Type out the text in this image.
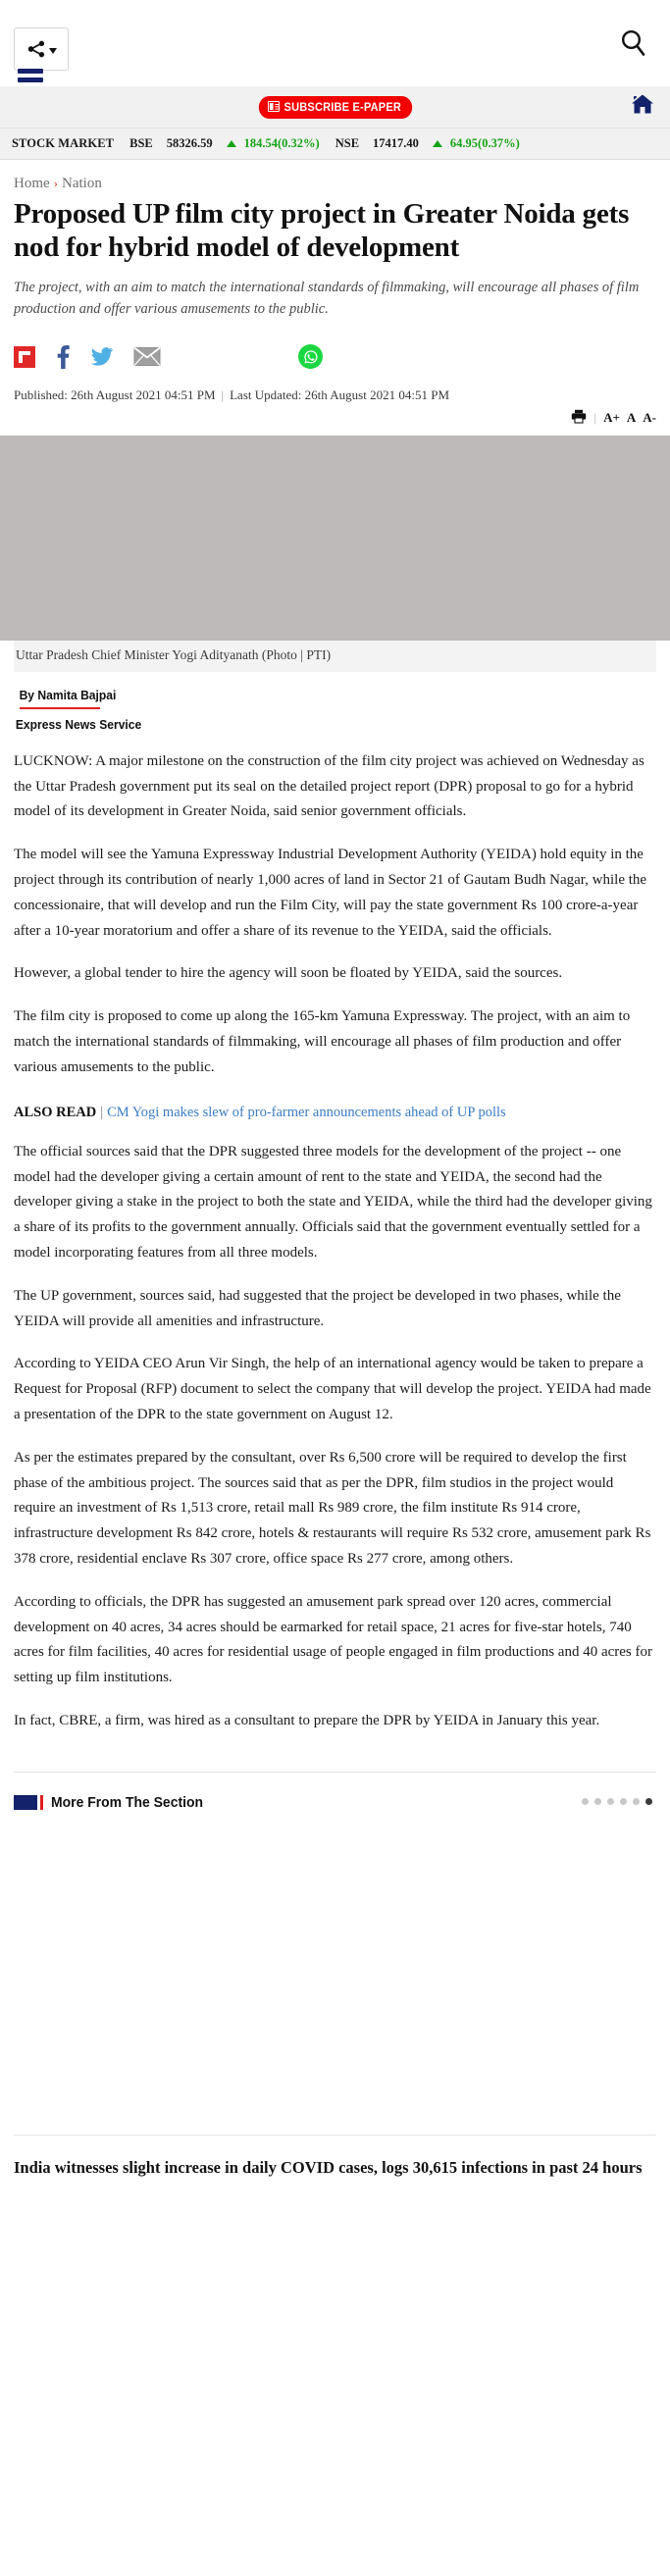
SUBSCRIBE E-PAPER
STOCK MARKET BSE 58326.59	184.54(0.32%) NSE 17417.40	64.95(0.37%)
Home › Nation
Proposed UP film city project in Greater Noida gets nod for hybrid model of development
The project, with an aim to match the international standards of filmmaking, will encourage all phases of film production and offer various amusements to the public.
Published: 26th August 2021 04:51 PM | Last Updated: 26th August 2021 04:51 PM
| A+ A A-
Uttar Pradesh Chief Minister Yogi Adityanath (Photo | PTI)
By Namita Bajpai
Express News Service

LUCKNOW: A major milestone on the construction of the film city project was achieved on Wednesday as the Uttar Pradesh government put its seal on the detailed project report (DPR) proposal to go for a hybrid model of its development in Greater Noida, said senior government officials.

The model will see the Yamuna Expressway Industrial Development Authority (YEIDA) hold equity in the project through its contribution of nearly 1,000 acres of land in Sector 21 of Gautam Budh Nagar, while the concessionaire, that will develop and run the Film City, will pay the state government Rs 100 crore-a-year after a 10-year moratorium and offer a share of its revenue to the YEIDA, said the officials.

However, a global tender to hire the agency will soon be floated by YEIDA, said the sources.

The film city is proposed to come up along the 165-km Yamuna Expressway. The project, with an aim to match the international standards of filmmaking, will encourage all phases of film production and offer various amusements to the public.

ALSO READ | CM Yogi makes slew of pro-farmer announcements ahead of UP polls

The official sources said that the DPR suggested three models for the development of the project -- one model had the developer giving a certain amount of rent to the state and YEIDA, the second had the developer giving a stake in the project to both the state and YEIDA, while the third had the developer giving a share of its profits to the government annually. Officials said that the government eventually settled for a model incorporating features from all three models.

The UP government, sources said, had suggested that the project be developed in two phases, while the YEIDA will provide all amenities and infrastructure.

According to YEIDA CEO Arun Vir Singh, the help of an international agency would be taken to prepare a Request for Proposal (RFP) document to select the company that will develop the project. YEIDA had made a presentation of the DPR to the state government on August 12.

As per the estimates prepared by the consultant, over Rs 6,500 crore will be required to develop the first phase of the ambitious project. The sources said that as per the DPR, film studios in the project would require an investment of Rs 1,513 crore, retail mall Rs 989 crore, the film institute Rs 914 crore, infrastructure development Rs 842 crore, hotels & restaurants will require Rs 532 crore, amusement park Rs 378 crore, residential enclave Rs 307 crore, office space Rs 277 crore, among others.

According to officials, the DPR has suggested an amusement park spread over 120 acres, commercial development on 40 acres, 34 acres should be earmarked for retail space, 21 acres for five-star hotels, 740 acres for film facilities, 40 acres for residential usage of people engaged in film productions and 40 acres for setting up film institutions.

In fact, CBRE, a firm, was hired as a consultant to prepare the DPR by YEIDA in January this year.

More From The Section
India witnesses slight increase in daily COVID cases, logs 30,615 infections in past 24 hours
